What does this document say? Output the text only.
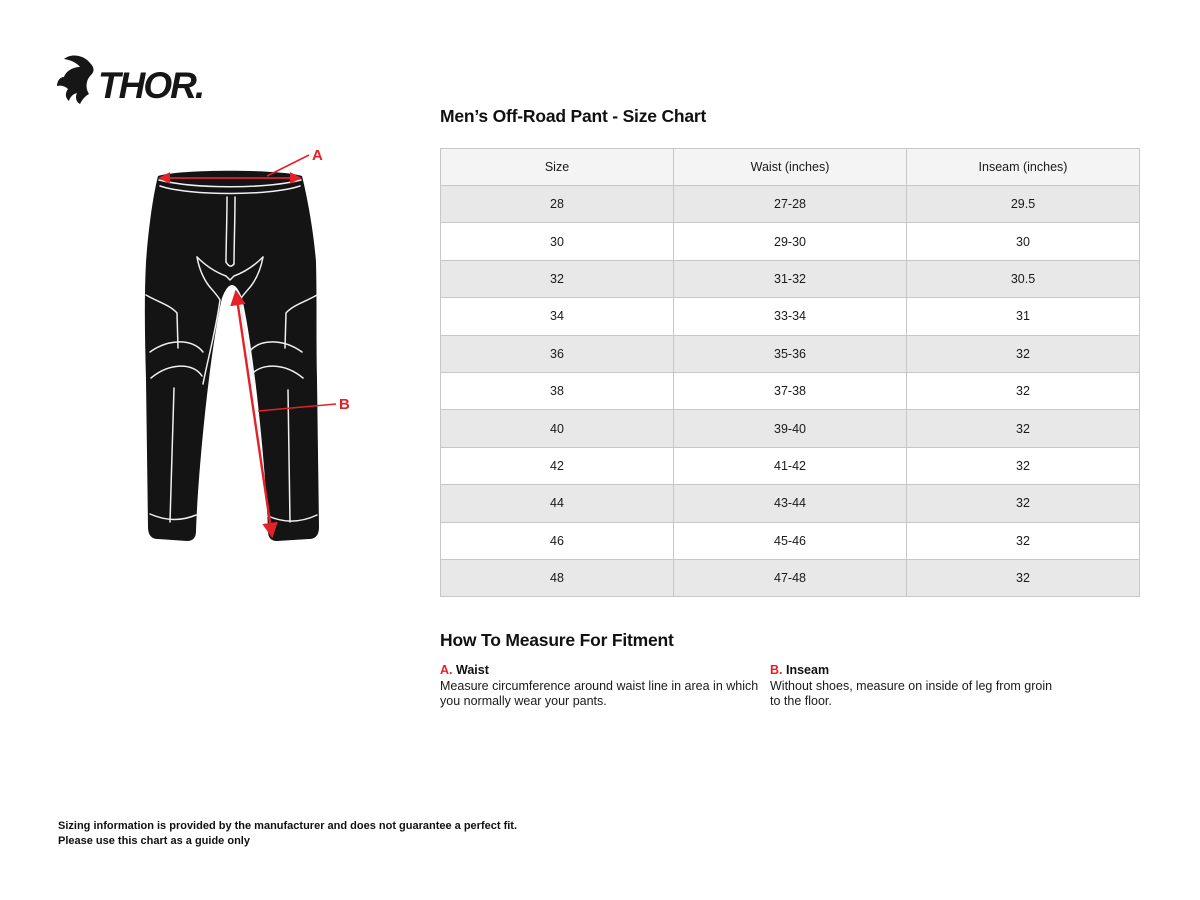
THOR.
A
B
Men’s Off-Road Pant - Size Chart
Size	Waist (inches)	Inseam (inches)
28	27-28	29.5
30	29-30	30
32	31-32	30.5
34	33-34	31
36	35-36	32
38	37-38	32
40	39-40	32
42	41-42	32
44	43-44	32
46	45-46	32
48	47-48	32
How To Measure For Fitment
A. Waist

Measure circumference around waist line in area in which you normally wear your pants.

B. Inseam

Without shoes, measure on inside of leg from groin to the floor.

Sizing information is provided by the manufacturer and does not guarantee a perfect fit.
Please use this chart as a guide only
